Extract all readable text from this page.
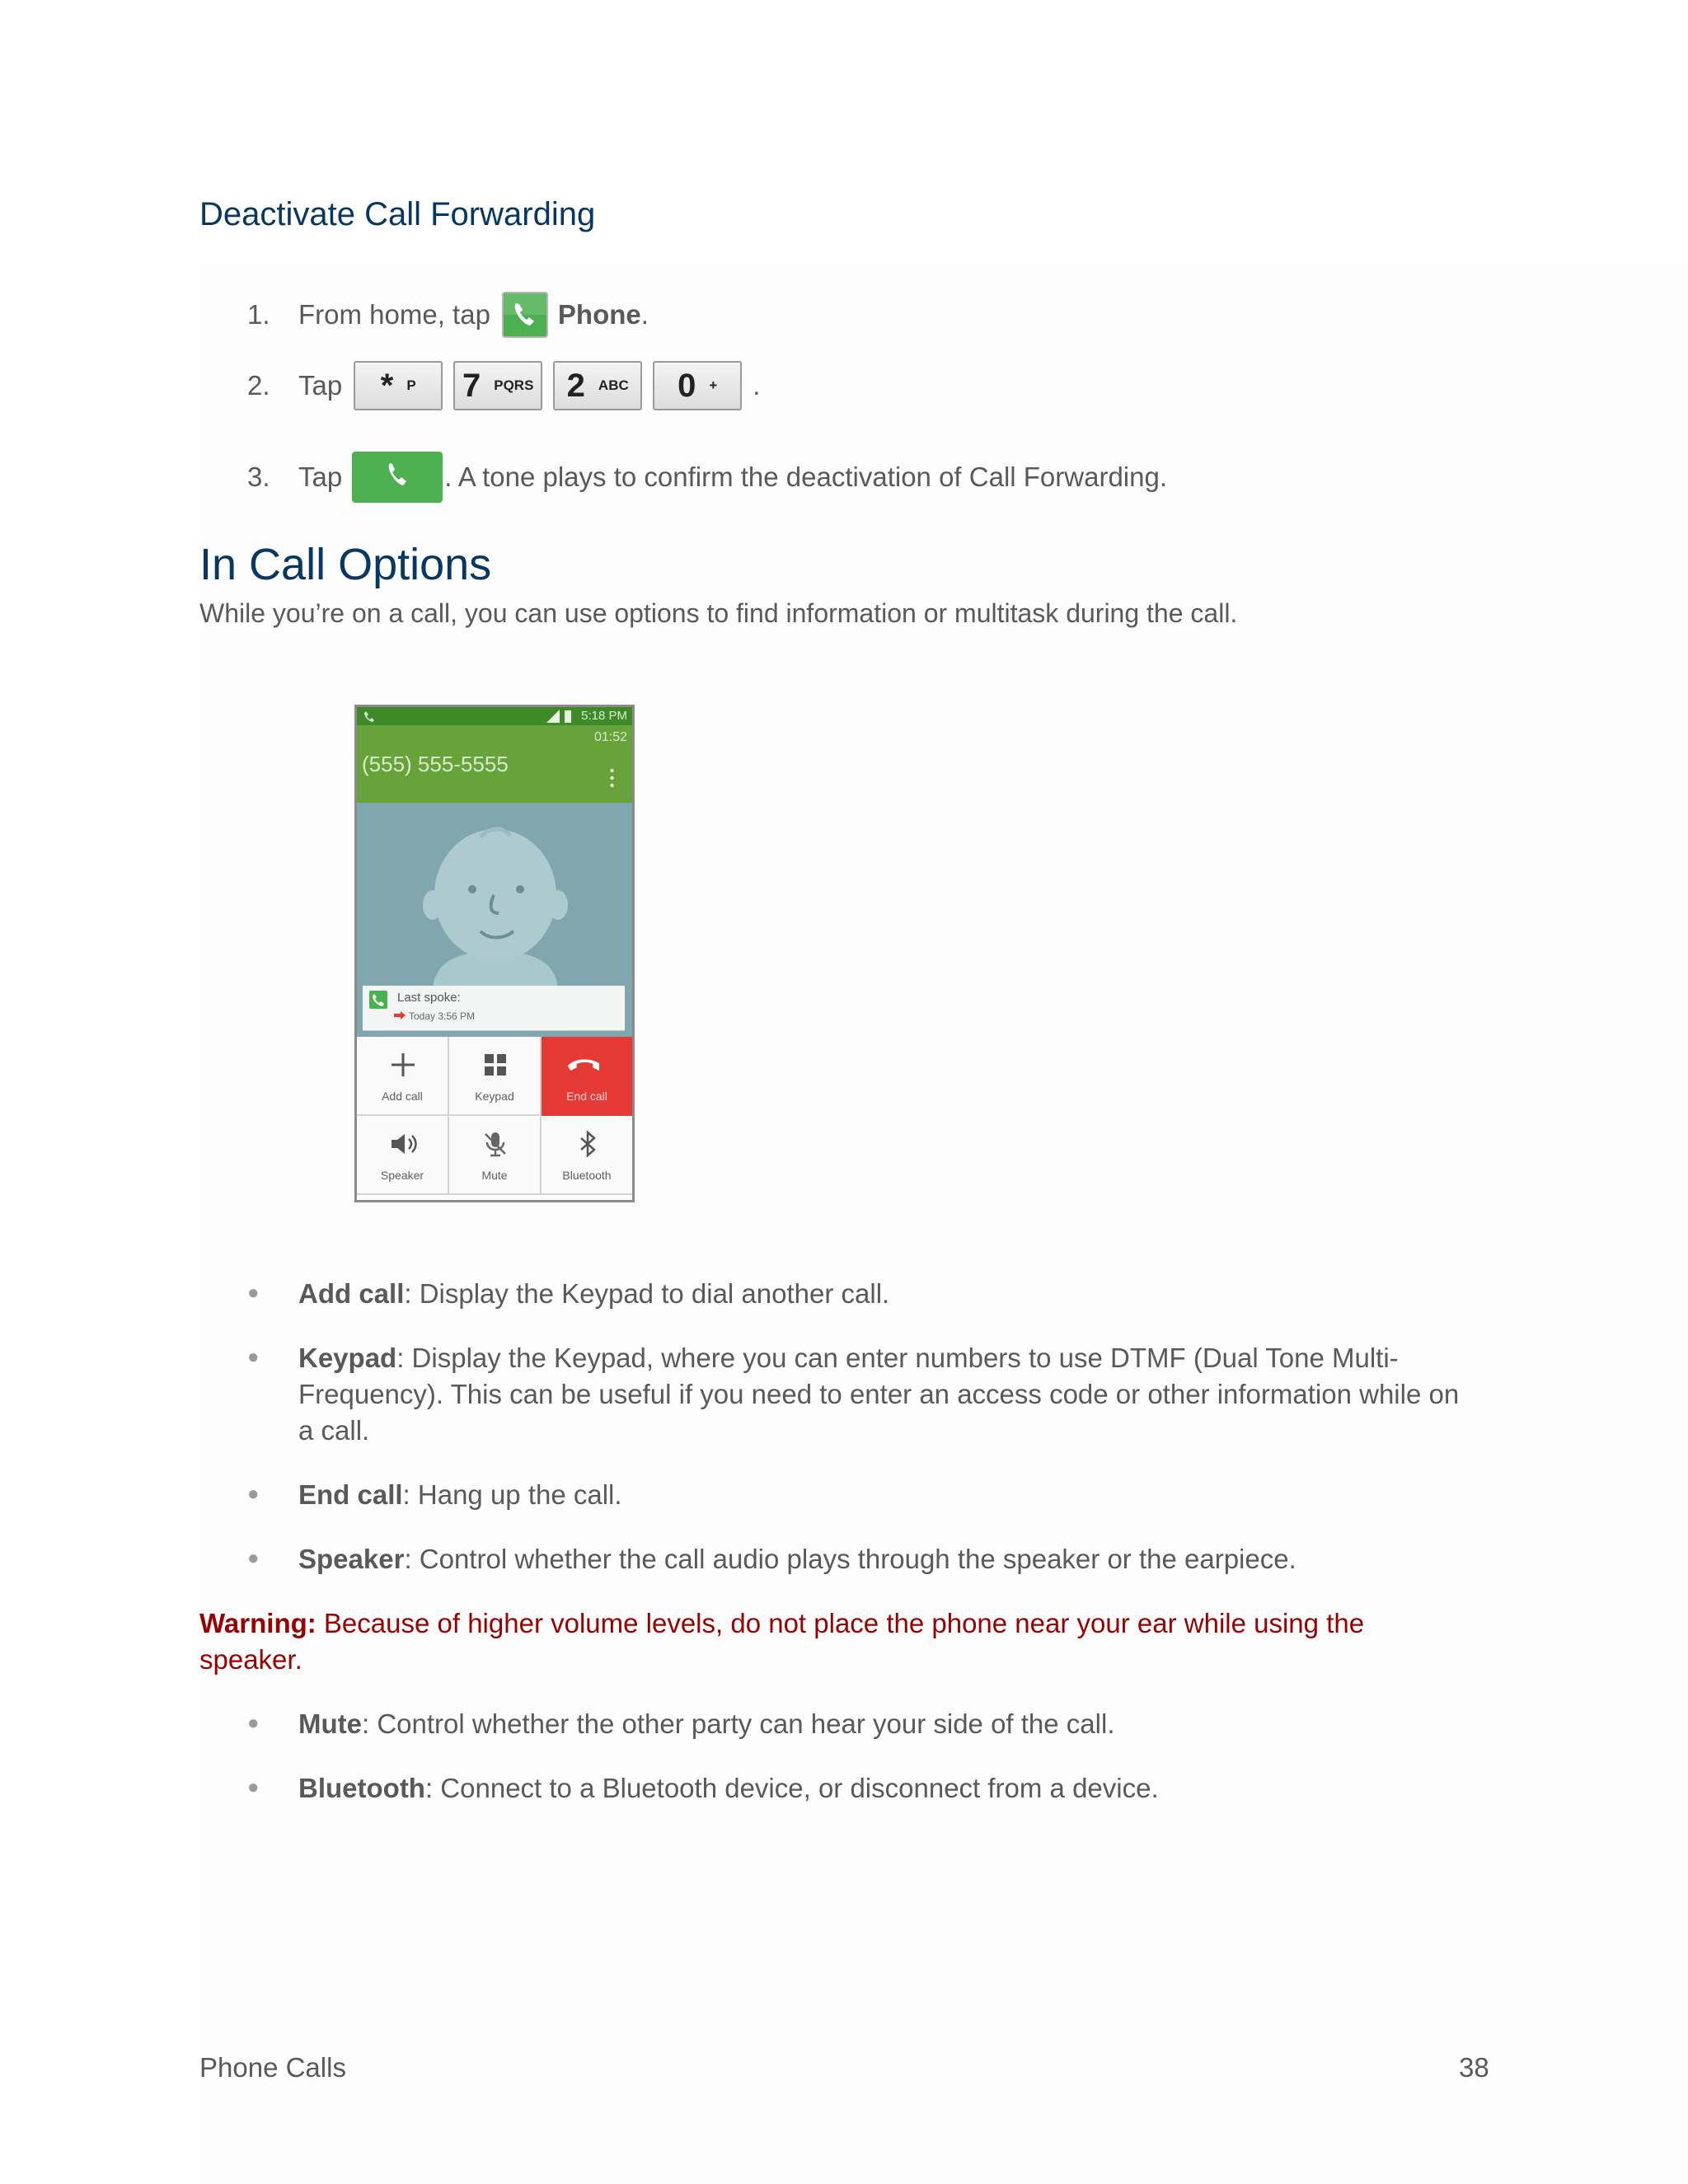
Deactivate Call Forwarding
1.	From home, tap Phone .
2.	Tap * P 7 PQRS 2 ABC 0 + .
3.	Tap	. A tone plays to confirm the deactivation of Call Forwarding.
In Call Options
While you’re on a call, you can use options to find information or multitask during the call.
5:18 PM
01:52
(555) 555-5555
Last spoke:
Today 3:56 PM
Add call	Keypad	End call
Speaker	Mute	Bluetooth
● Add call: Display the Keypad to dial another call.
● Keypad: Display the Keypad, where you can enter numbers to use DTMF (Dual Tone Multi-
Frequency). This can be useful if you need to enter an access code or other information while on
a call.
● End call: Hang up the call.
● Speaker: Control whether the call audio plays through the speaker or the earpiece.
Warning: Because of higher volume levels, do not place the phone near your ear while using the
speaker.
● Mute: Control whether the other party can hear your side of the call.
● Bluetooth: Connect to a Bluetooth device, or disconnect from a device.
Phone Calls	38
